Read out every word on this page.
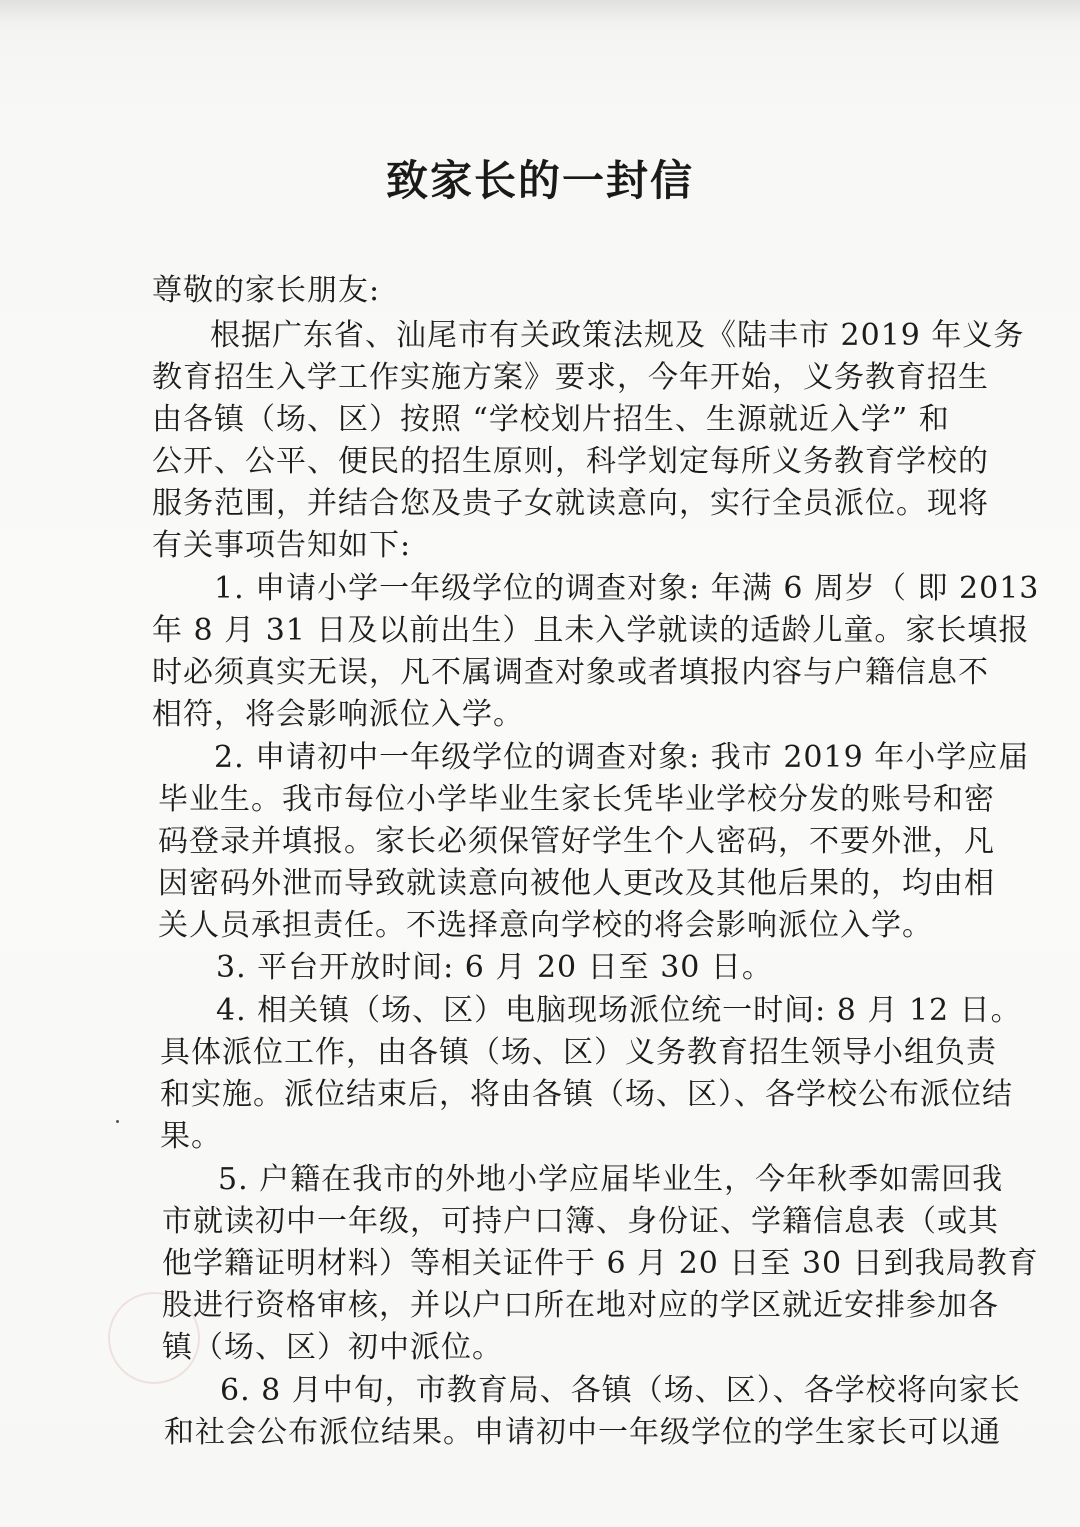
致家长的一封信
尊敬的家长朋友:
根据广东省、汕尾市有关政策法规及《陆丰市 2019 年义务
教育招生入学工作实施方案》要求，今年开始，义务教育招生
由各镇（场、区）按照 “学校划片招生、生源就近入学” 和
公开、公平、便民的招生原则，科学划定每所义务教育学校的
服务范围，并结合您及贵子女就读意向，实行全员派位。现将
有关事项告知如下:
1. 申请小学一年级学位的调查对象: 年满 6 周岁（ 即 2013
年 8 月 31 日及以前出生）且未入学就读的适龄儿童。家长填报
时必须真实无误，凡不属调查对象或者填报内容与户籍信息不
相符，将会影响派位入学。
2. 申请初中一年级学位的调查对象: 我市 2019 年小学应届
毕业生。我市每位小学毕业生家长凭毕业学校分发的账号和密
码登录并填报。家长必须保管好学生个人密码，不要外泄，凡
因密码外泄而导致就读意向被他人更改及其他后果的，均由相
关人员承担责任。不选择意向学校的将会影响派位入学。
3. 平台开放时间: 6 月 20 日至 30 日。
4. 相关镇（场、区）电脑现场派位统一时间: 8 月 12 日。
具体派位工作，由各镇（场、区）义务教育招生领导小组负责
和实施。派位结束后，将由各镇（场、区）、各学校公布派位结
果。
5. 户籍在我市的外地小学应届毕业生，今年秋季如需回我
市就读初中一年级，可持户口簿、身份证、学籍信息表（或其
他学籍证明材料）等相关证件于 6 月 20 日至 30 日到我局教育
股进行资格审核，并以户口所在地对应的学区就近安排参加各
镇（场、区）初中派位。
6. 8 月中旬，市教育局、各镇（场、区）、各学校将向家长
和社会公布派位结果。申请初中一年级学位的学生家长可以通
